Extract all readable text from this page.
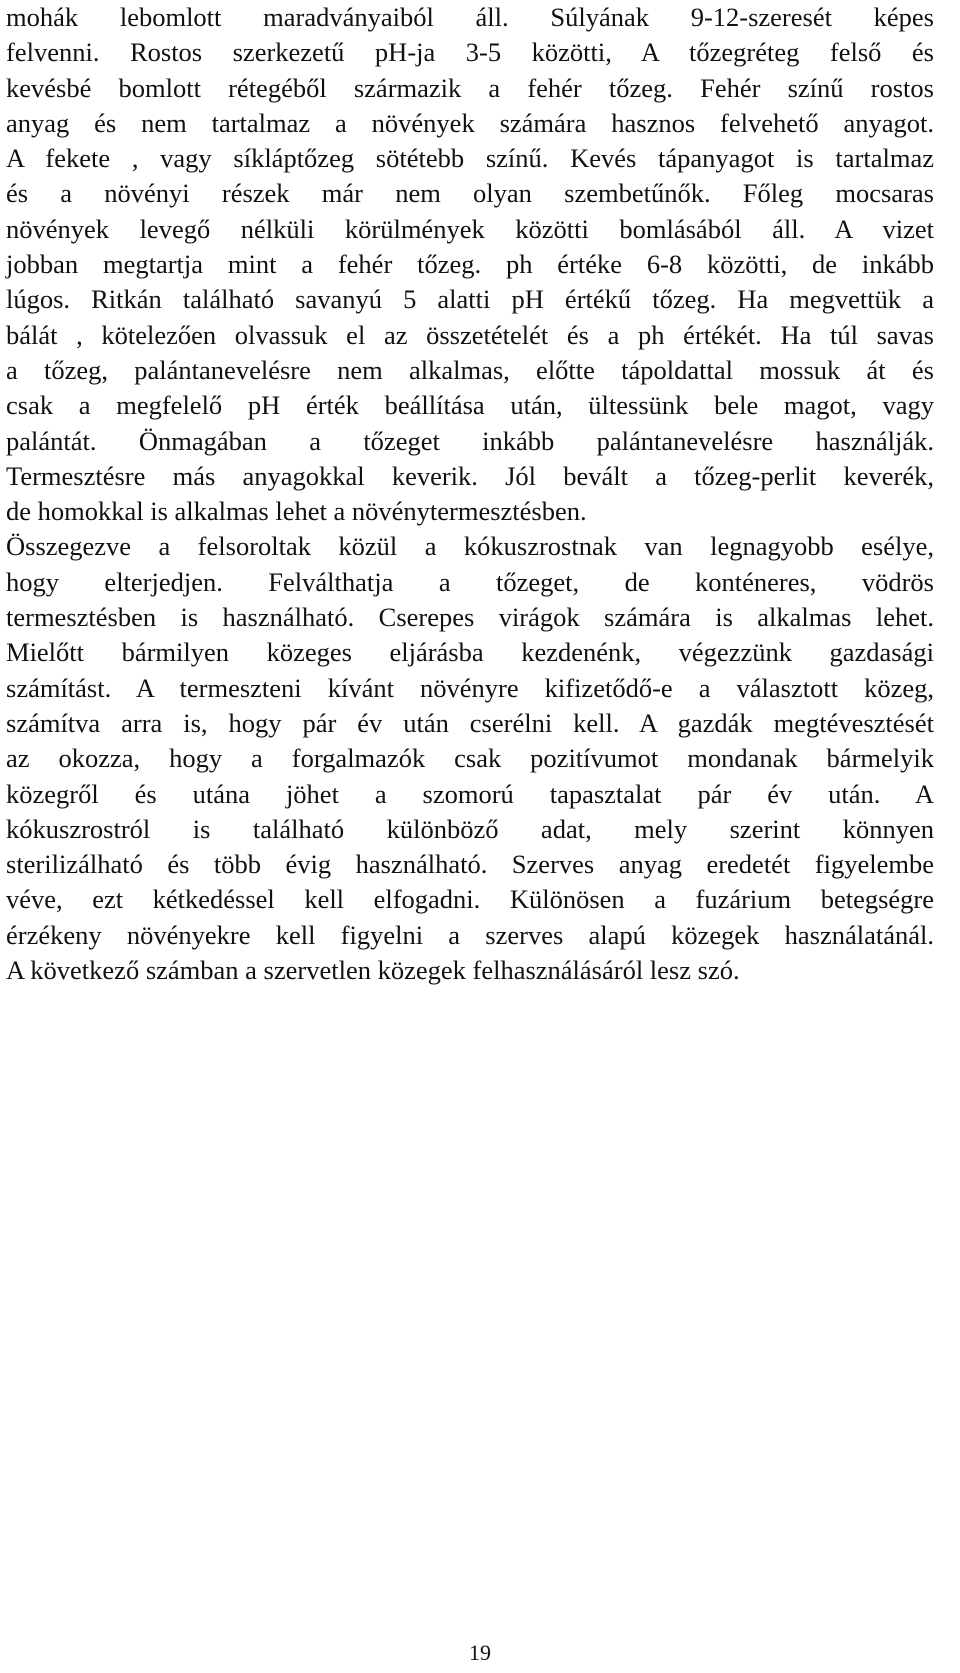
mohák lebomlott maradványaiból áll. Súlyának 9-12-szeresét képes
felvenni. Rostos szerkezetű pH-ja 3-5 közötti, A tőzegréteg felső és
kevésbé bomlott rétegéből származik a fehér tőzeg. Fehér színű rostos
anyag és nem tartalmaz a növények számára hasznos felvehető anyagot.
A fekete , vagy síkláptőzeg sötétebb színű. Kevés tápanyagot is tartalmaz
és a növényi részek már nem olyan szembetűnők. Főleg mocsaras
növények levegő nélküli körülmények közötti bomlásából áll. A vizet
jobban megtartja mint a fehér tőzeg. ph értéke 6-8 közötti, de inkább
lúgos. Ritkán található savanyú 5 alatti pH értékű tőzeg. Ha megvettük a
bálát , kötelezően olvassuk el az összetételét és a ph értékét. Ha túl savas
a tőzeg, palántanevelésre nem alkalmas, előtte tápoldattal mossuk át és
csak a megfelelő pH érték beállítása után, ültessünk bele magot, vagy
palántát. Önmagában a tőzeget inkább palántanevelésre használják.
Termesztésre más anyagokkal keverik. Jól bevált a tőzeg-perlit keverék,
de homokkal is alkalmas lehet a növénytermesztésben.
Összegezve a felsoroltak közül a kókuszrostnak van legnagyobb esélye,
hogy elterjedjen. Felválthatja a tőzeget, de konténeres, vödrös
termesztésben is használható. Cserepes virágok számára is alkalmas lehet.
Mielőtt bármilyen közeges eljárásba kezdenénk, végezzünk gazdasági
számítást. A termeszteni kívánt növényre kifizetődő-e a választott közeg,
számítva arra is, hogy pár év után cserélni kell. A gazdák megtévesztését
az okozza, hogy a forgalmazók csak pozitívumot mondanak bármelyik
közegről és utána jöhet a szomorú tapasztalat pár év után. A
kókuszrostról is található különböző adat, mely szerint könnyen
sterilizálható és több évig használható. Szerves anyag eredetét figyelembe
véve, ezt kétkedéssel kell elfogadni. Különösen a fuzárium betegségre
érzékeny növényekre kell figyelni a szerves alapú közegek használatánál.
A következő számban a szervetlen közegek felhasználásáról lesz szó.
19
